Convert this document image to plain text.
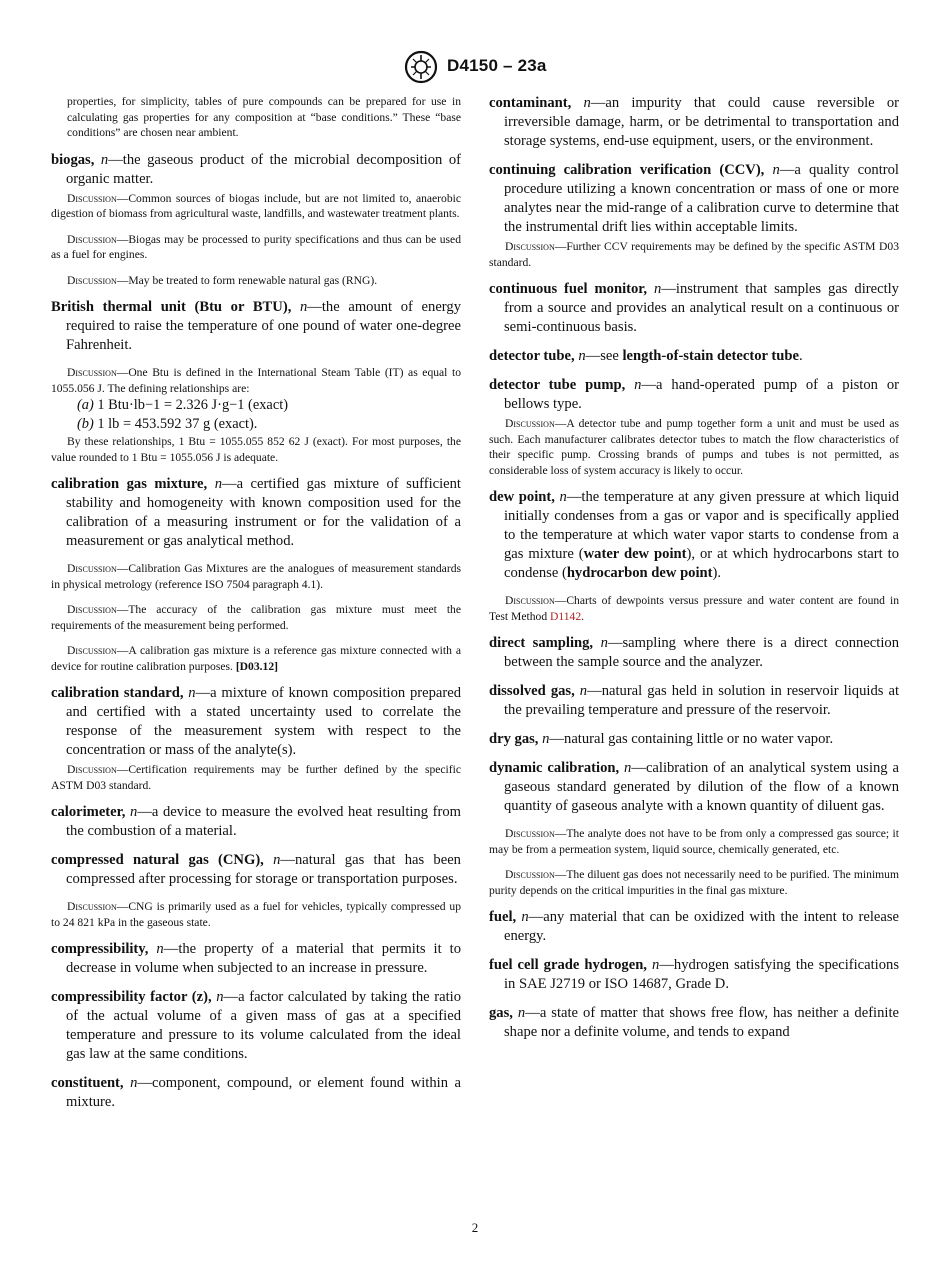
D4150 – 23a

properties, for simplicity, tables of pure compounds can be prepared for use in calculating gas properties for any composition at “base conditions.” These “base conditions” are chosen near ambient.

biogas, n—the gaseous product of the microbial decomposition of organic matter.

Discussion—Common sources of biogas include, but are not limited to, anaerobic digestion of biomass from agricultural waste, landfills, and wastewater treatment plants.

Discussion—Biogas may be processed to purity specifications and thus can be used as a fuel for engines.

Discussion—May be treated to form renewable natural gas (RNG).

British thermal unit (Btu or BTU), n—the amount of energy required to raise the temperature of one pound of water one-degree Fahrenheit.

Discussion—One Btu is defined in the International Steam Table (IT) as equal to 1055.056 J. The defining relationships are:

(a) 1 Btu·lb−1 = 2.326 J·g−1 (exact)

(b) 1 lb = 453.592 37 g (exact).

By these relationships, 1 Btu = 1055.055 852 62 J (exact). For most purposes, the value rounded to 1 Btu = 1055.056 J is adequate.

calibration gas mixture, n—a certified gas mixture of sufficient stability and homogeneity with known composition used for the calibration of a measuring instrument or for the validation of a measurement or gas analytical method.

Discussion—Calibration Gas Mixtures are the analogues of measurement standards in physical metrology (reference ISO 7504 paragraph 4.1).

Discussion—The accuracy of the calibration gas mixture must meet the requirements of the measurement being performed.

Discussion—A calibration gas mixture is a reference gas mixture connected with a device for routine calibration purposes. [D03.12]

calibration standard, n—a mixture of known composition prepared and certified with a stated uncertainty used to correlate the response of the measurement system with respect to the concentration or mass of the analyte(s).

Discussion—Certification requirements may be further defined by the specific ASTM D03 standard.

calorimeter, n—a device to measure the evolved heat resulting from the combustion of a material.

compressed natural gas (CNG), n—natural gas that has been compressed after processing for storage or transportation purposes.

Discussion—CNG is primarily used as a fuel for vehicles, typically compressed up to 24 821 kPa in the gaseous state.

compressibility, n—the property of a material that permits it to decrease in volume when subjected to an increase in pressure.

compressibility factor (z), n—a factor calculated by taking the ratio of the actual volume of a given mass of gas at a specified temperature and pressure to its volume calculated from the ideal gas law at the same conditions.

constituent, n—component, compound, or element found within a mixture.

contaminant, n—an impurity that could cause reversible or irreversible damage, harm, or be detrimental to transportation and storage systems, end-use equipment, users, or the environment.

continuing calibration verification (CCV), n—a quality control procedure utilizing a known concentration or mass of one or more analytes near the mid-range of a calibration curve to determine that the instrumental drift lies within acceptable limits.

Discussion—Further CCV requirements may be defined by the specific ASTM D03 standard.

continuous fuel monitor, n—instrument that samples gas directly from a source and provides an analytical result on a continuous or semi-continuous basis.

detector tube, n—see length-of-stain detector tube.

detector tube pump, n—a hand-operated pump of a piston or bellows type.

Discussion—A detector tube and pump together form a unit and must be used as such. Each manufacturer calibrates detector tubes to match the flow characteristics of their specific pump. Crossing brands of pumps and tubes is not permitted, as considerable loss of system accuracy is likely to occur.

dew point, n—the temperature at any given pressure at which liquid initially condenses from a gas or vapor and is specifically applied to the temperature at which water vapor starts to condense from a gas mixture (water dew point), or at which hydrocarbons start to condense (hydrocarbon dew point).

Discussion—Charts of dewpoints versus pressure and water content are found in Test Method D1142.

direct sampling, n—sampling where there is a direct connection between the sample source and the analyzer.

dissolved gas, n—natural gas held in solution in reservoir liquids at the prevailing temperature and pressure of the reservoir.

dry gas, n—natural gas containing little or no water vapor.

dynamic calibration, n—calibration of an analytical system using a gaseous standard generated by dilution of the flow of a known quantity of gaseous analyte with a known quantity of diluent gas.

Discussion—The analyte does not have to be from only a compressed gas source; it may be from a permeation system, liquid source, chemically generated, etc.

Discussion—The diluent gas does not necessarily need to be purified. The minimum purity depends on the critical impurities in the final gas mixture.

fuel, n—any material that can be oxidized with the intent to release energy.

fuel cell grade hydrogen, n—hydrogen satisfying the specifications in SAE J2719 or ISO 14687, Grade D.

gas, n—a state of matter that shows free flow, has neither a definite shape nor a definite volume, and tends to expand

2
